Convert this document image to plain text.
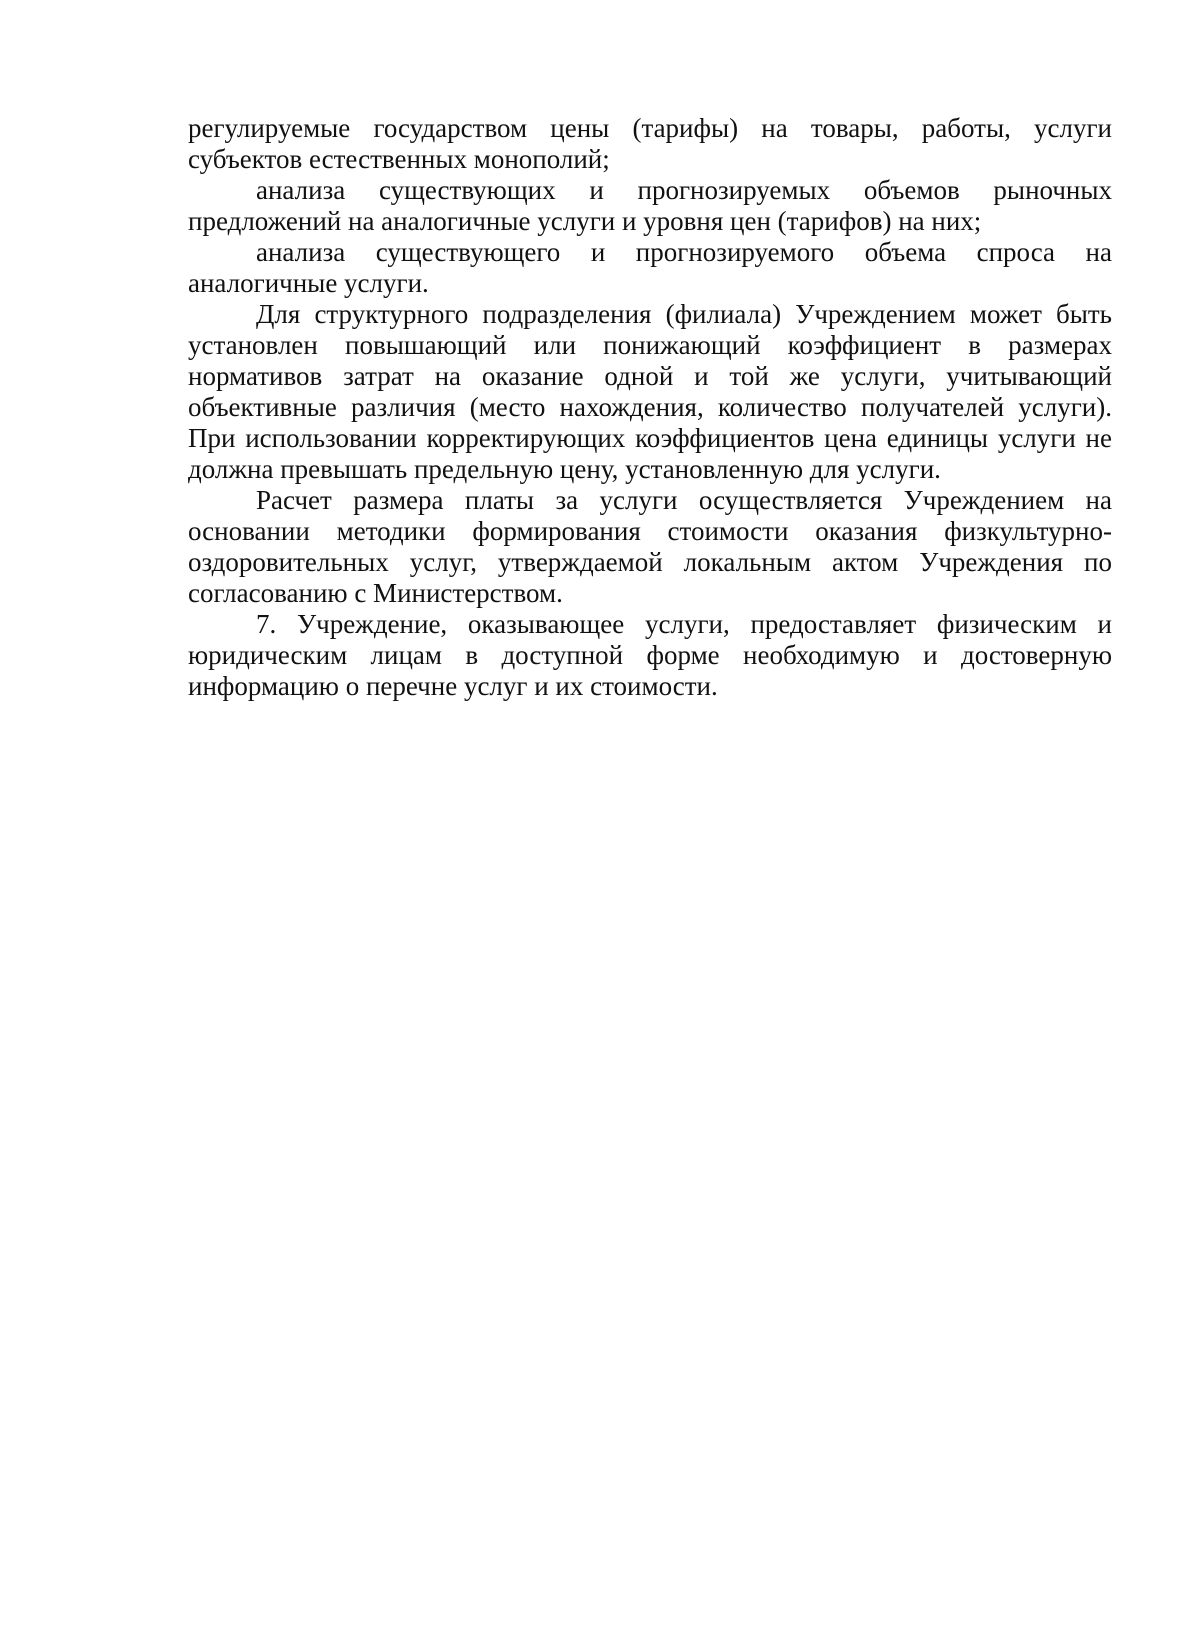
регулируемые государством цены (тарифы) на товары, работы, услуги субъектов естественных монополий;

анализа существующих и прогнозируемых объемов рыночных предложений на аналогичные услуги и уровня цен (тарифов) на них;

анализа существующего и прогнозируемого объема спроса на аналогичные услуги.

Для структурного подразделения (филиала) Учреждением может быть установлен повышающий или понижающий коэффициент в размерах нормативов затрат на оказание одной и той же услуги, учитывающий объективные различия (место нахождения, количество получателей услуги). При использовании корректирующих коэффициентов цена единицы услуги не должна превышать предельную цену, установленную для услуги.

Расчет размера платы за услуги осуществляется Учреждением на основании методики формирования стоимости оказания физкультурно-оздоровительных услуг, утверждаемой локальным актом Учреждения по согласованию с Министерством.

7. Учреждение, оказывающее услуги, предоставляет физическим и юридическим лицам в доступной форме необходимую и достоверную информацию о перечне услуг и их стоимости.
